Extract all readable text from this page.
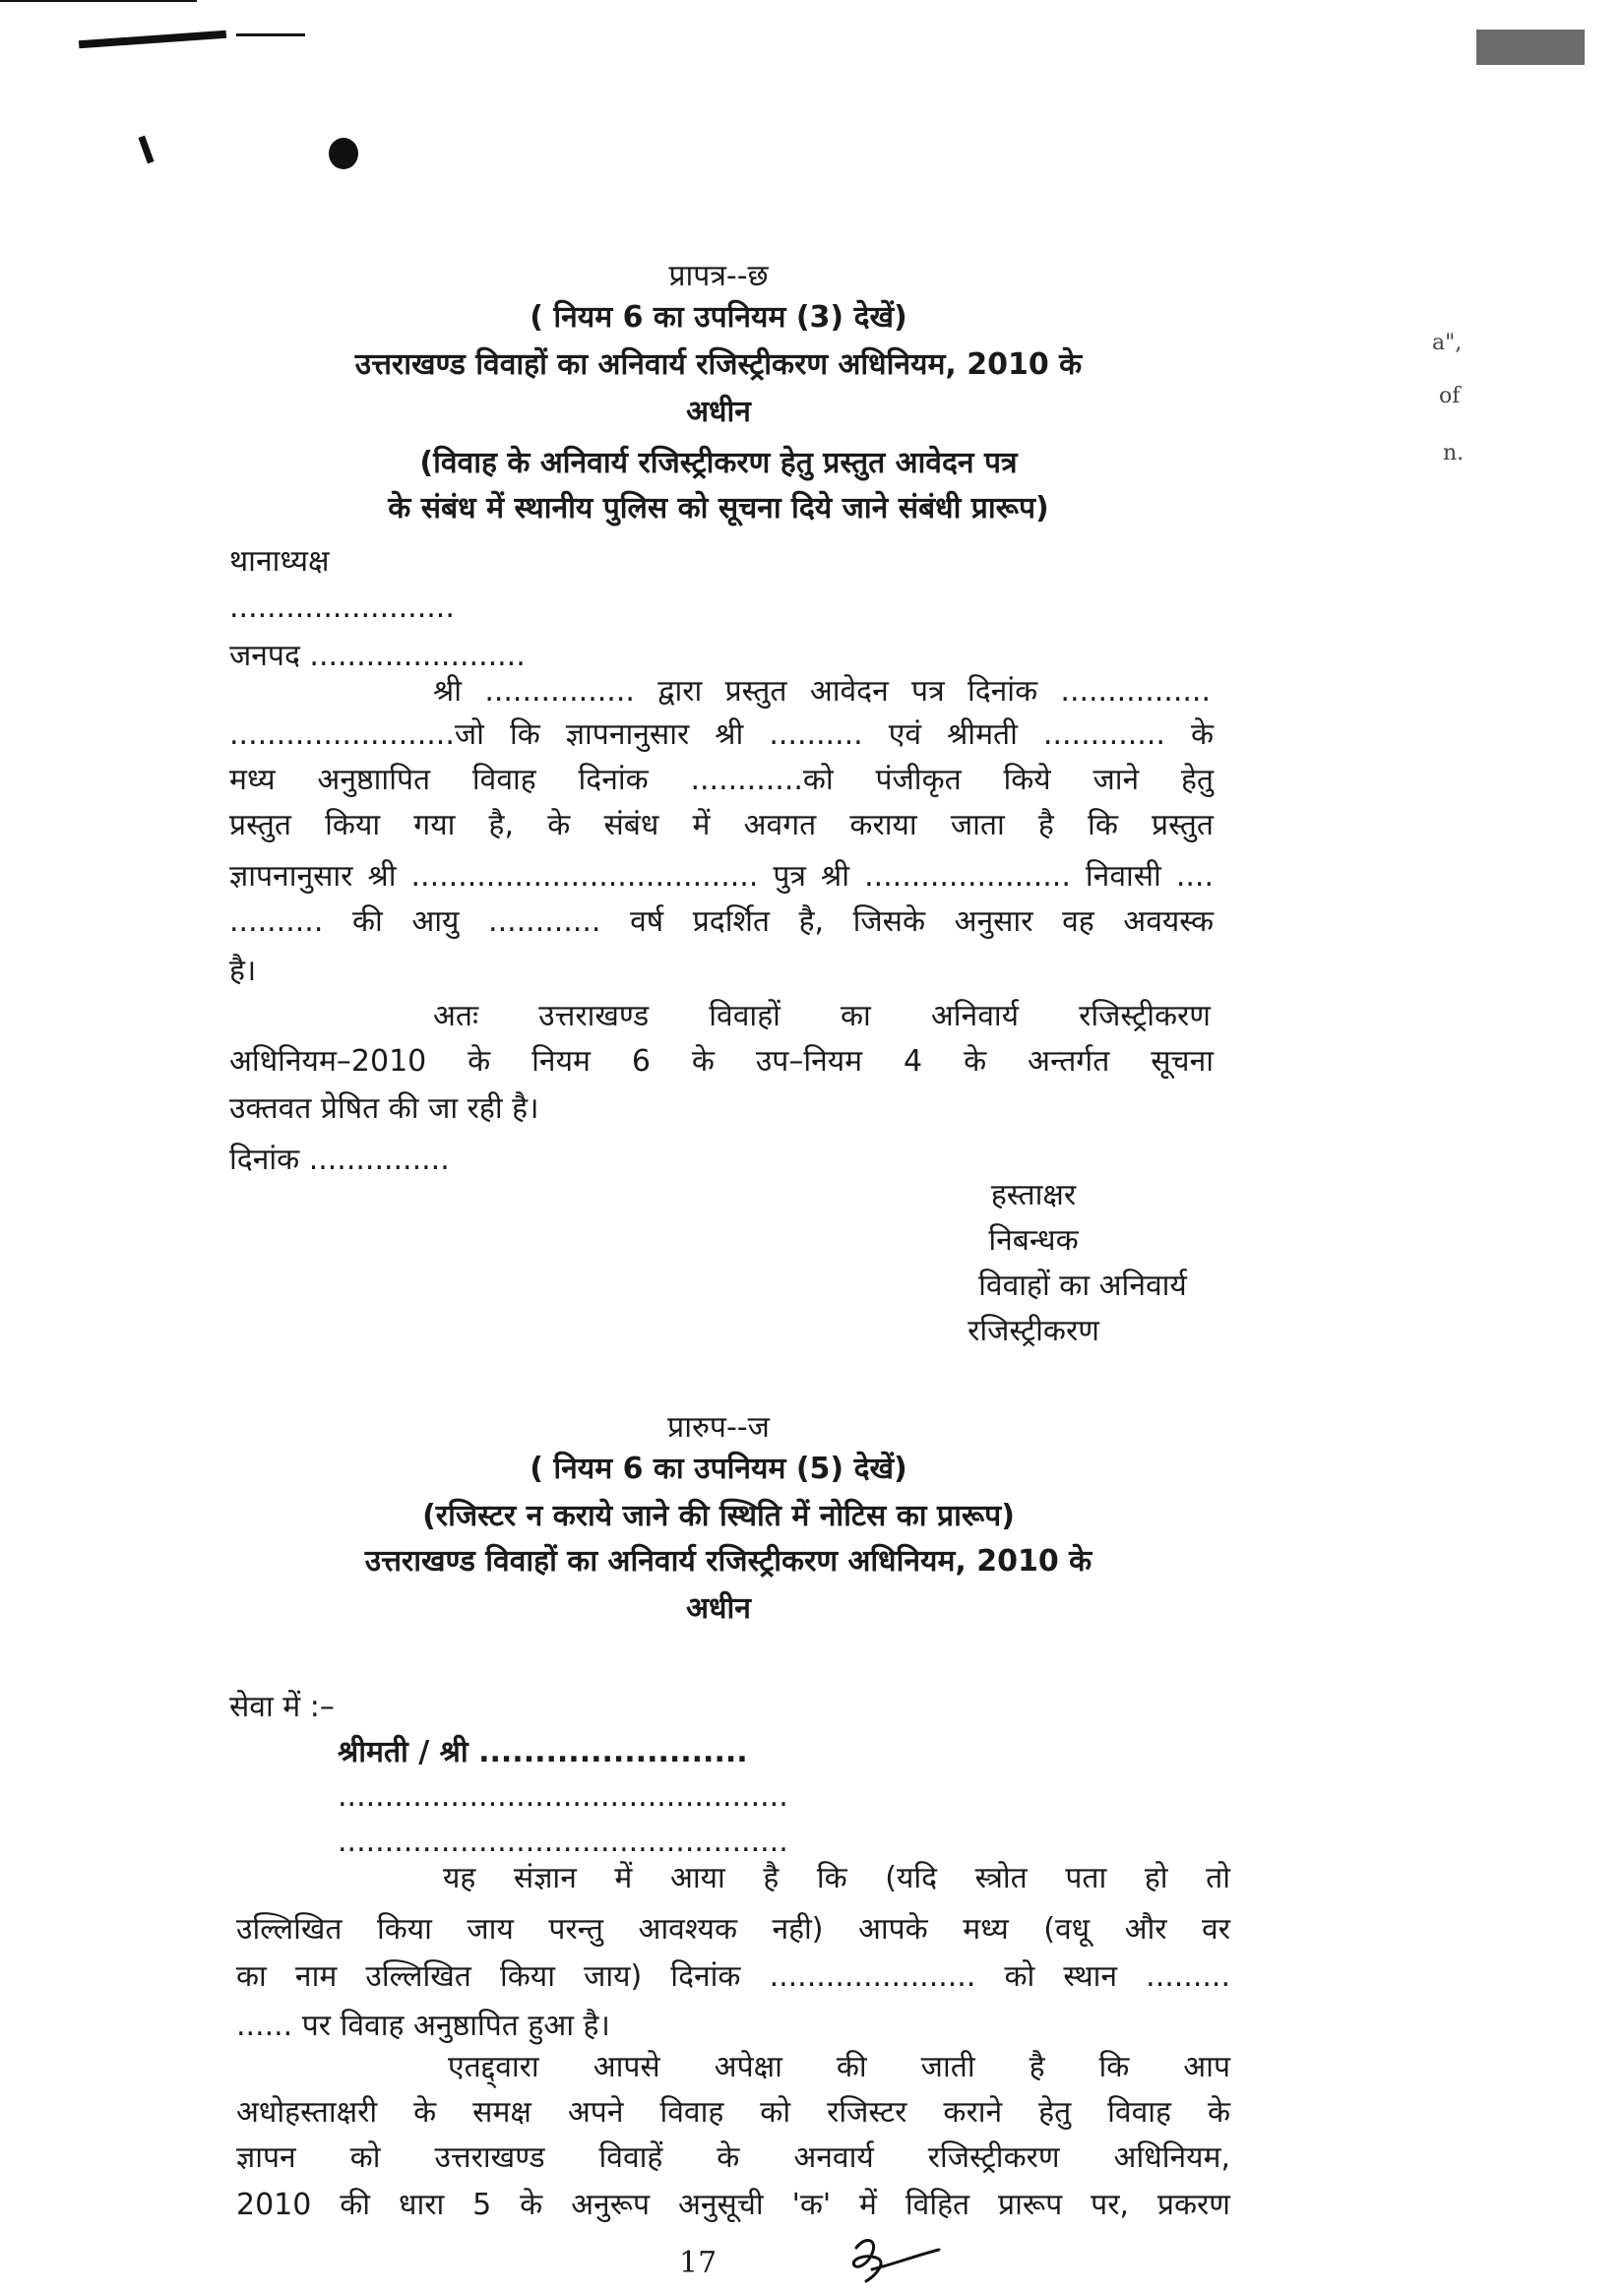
a",
of
n.
प्रापत्र--छ
( नियम 6 का उपनियम (3) देखें)
उत्तराखण्ड विवाहों का अनिवार्य रजिस्ट्रीकरण अधिनियम, 2010 के
अधीन
(विवाह के अनिवार्य रजिस्ट्रीकरण हेतु प्रस्तुत आवेदन पत्र
के संबंध में स्थानीय पुलिस को सूचना दिये जाने संबंधी प्रारूप)
थानाध्यक्ष
........................
जनपद .......................
श्री ................ द्वारा प्रस्तुत आवेदन पत्र दिनांक ................
........................जो कि ज्ञापनानुसार श्री .......... एवं श्रीमती ............. के
मध्य अनुष्ठाापित विवाह दिनांक ............को पंजीकृत किये जाने हेतु
प्रस्तुत किया गया है, के संबंध में अवगत कराया जाता है कि प्रस्तुत
ज्ञापनानुसार श्री ..................................... पुत्र श्री ...................... निवासी ....
.......... की आयु ............ वर्ष प्रदर्शित है, जिसके अनुसार वह अवयस्क
है।
अतः उत्तराखण्ड विवाहों का अनिवार्य रजिस्ट्रीकरण
अधिनियम–2010 के नियम 6 के उप–नियम 4 के अन्तर्गत सूचना
उक्तवत प्रेषित की जा रही है।
दिनांक ...............
हस्ताक्षर
निबन्धक
विवाहों का अनिवार्य
रजिस्ट्रीकरण
प्रारुप--ज
( नियम 6 का उपनियम (5) देखें)
(रजिस्टर न कराये जाने की स्थिति में नोटिस का प्रारूप)
उत्तराखण्ड विवाहों का अनिवार्य रजिस्ट्रीकरण अधिनियम, 2010 के
अधीन
सेवा में :–
श्रीमती / श्री ........................
................................................
................................................
यह संज्ञान में आया है कि (यदि स्त्रोत पता हो तो
उल्लिखित किया जाय परन्तु आवश्यक नही) आपके मध्य (वधू और वर
का नाम उल्लिखित किया जाय) दिनांक ...................... को स्थान .........
...... पर विवाह अनुष्ठापित हुआ है।
एतद्द्वारा आपसे अपेक्षा की जाती है कि आप
अधोहस्ताक्षरी के समक्ष अपने विवाह को रजिस्टर कराने हेतु विवाह के
ज्ञापन को उत्तराखण्ड विवाहें के अनवार्य रजिस्ट्रीकरण अधिनियम,
2010 की धारा 5 के अनुरूप अनुसूची 'क' में विहित प्रारूप पर, प्रकरण
17
